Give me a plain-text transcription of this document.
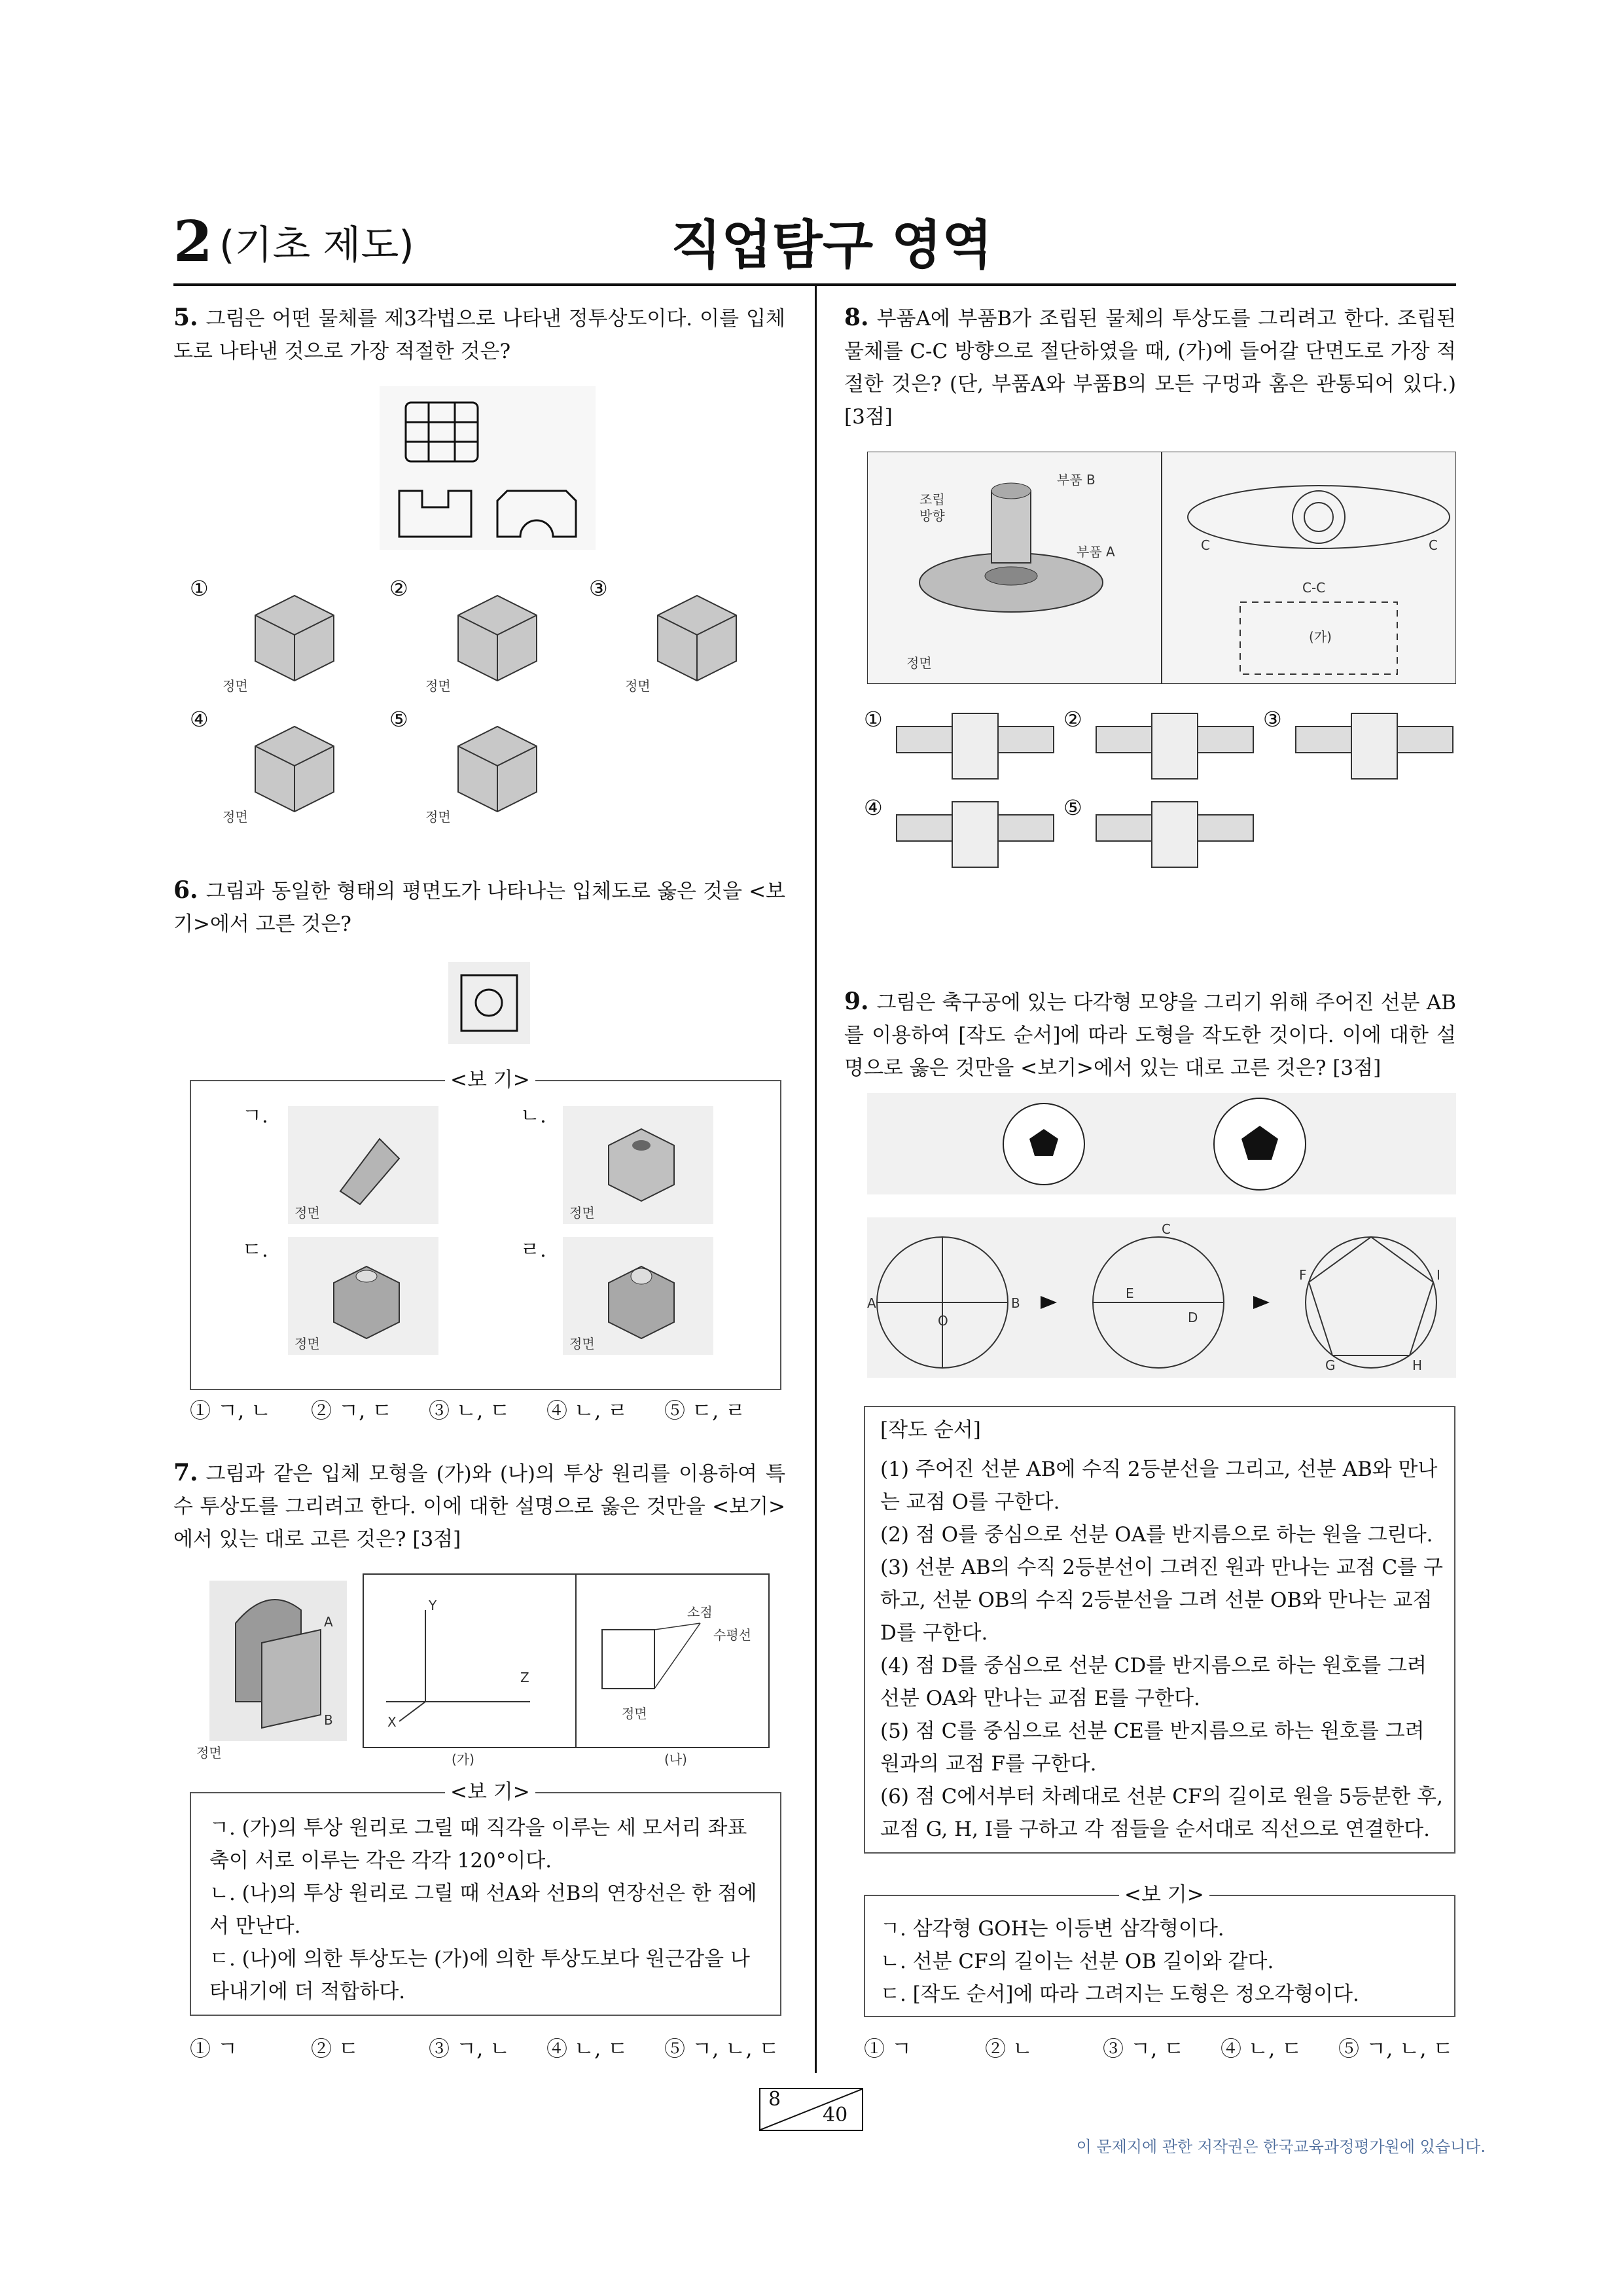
2 (기초 제도)	직업탐구 영역
5. 그림은 어떤 물체를 제3각법으로 나타낸 정투상도이다. 이를 입체도로 나타낸 것으로 가장 적절한 것은?
①	②	③
④	⑤
정면	정면	정면
정면	정면
6. 그림과 동일한 형태의 평면도가 나타나는 입체도로 옳은 것을 <보기>에서 고른 것은?
<보 기>
ㄱ.	ㄴ.
ㄷ.	ㄹ.
정면	정면
정면	정면
① ㄱ, ㄴ ② ㄱ, ㄷ ③ ㄴ, ㄷ ④ ㄴ, ㄹ ⑤ ㄷ, ㄹ
7. 그림과 같은 입체 모형을 (가)와 (나)의 투상 원리를 이용하여 특수 투상도를 그리려고 한다. 이에 대한 설명으로 옳은 것만을 <보기>에서 있는 대로 고른 것은? [3점]
A
B
정면
Y
X
Z
소점
수평선
정면
(가)	(나)
<보 기>
ㄱ. (가)의 투상 원리로 그릴 때 직각을 이루는 세 모서리 좌표 축이 서로 이루는 각은 각각 120°이다.
ㄴ. (나)의 투상 원리로 그릴 때 선A와 선B의 연장선은 한 점에서 만난다.
ㄷ. (나)에 의한 투상도는 (가)에 의한 투상도보다 원근감을 나타내기에 더 적합하다.
① ㄱ	② ㄷ	③ ㄱ, ㄴ ④ ㄴ, ㄷ ⑤ ㄱ, ㄴ, ㄷ
8. 부품A에 부품B가 조립된 물체의 투상도를 그리려고 한다. 조립된 물체를 C-C 방향으로 절단하였을 때, (가)에 들어갈 단면도로 가장 적절한 것은? (단, 부품A와 부품B의 모든 구멍과 홈은 관통되어 있다.) [3점]
부품 B
부품 A
조립
방향
정면
C	C
C-C
(가)
①	②	③
④	⑤
9. 그림은 축구공에 있는 다각형 모양을 그리기 위해 주어진 선분 AB를 이용하여 [작도 순서]에 따라 도형을 작도한 것이다. 이에 대한 설명으로 옳은 것만을 <보기>에서 있는 대로 고른 것은? [3점]
A	B
C
D
E
F
G	H
I
O
[작도 순서]
(1) 주어진 선분 AB에 수직 2등분선을 그리고, 선분 AB와 만나는 교점 O를 구한다.
(2) 점 O를 중심으로 선분 OA를 반지름으로 하는 원을 그린다.
(3) 선분 AB의 수직 2등분선이 그려진 원과 만나는 교점 C를 구하고, 선분 OB의 수직 2등분선을 그려 선분 OB와 만나는 교점 D를 구한다.
(4) 점 D를 중심으로 선분 CD를 반지름으로 하는 원호를 그려 선분 OA와 만나는 교점 E를 구한다.
(5) 점 C를 중심으로 선분 CE를 반지름으로 하는 원호를 그려 원과의 교점 F를 구한다.
(6) 점 C에서부터 차례대로 선분 CF의 길이로 원을 5등분한 후, 교점 G, H, I를 구하고 각 점들을 순서대로 직선으로 연결한다.
<보 기>
ㄱ. 삼각형 GOH는 이등변 삼각형이다.
ㄴ. 선분 CF의 길이는 선분 OB 길이와 같다.
ㄷ. [작도 순서]에 따라 그려지는 도형은 정오각형이다.
① ㄱ	② ㄴ	③ ㄱ, ㄷ ④ ㄴ, ㄷ ⑤ ㄱ, ㄴ, ㄷ
8
40
이 문제지에 관한 저작권은 한국교육과정평가원에 있습니다.
